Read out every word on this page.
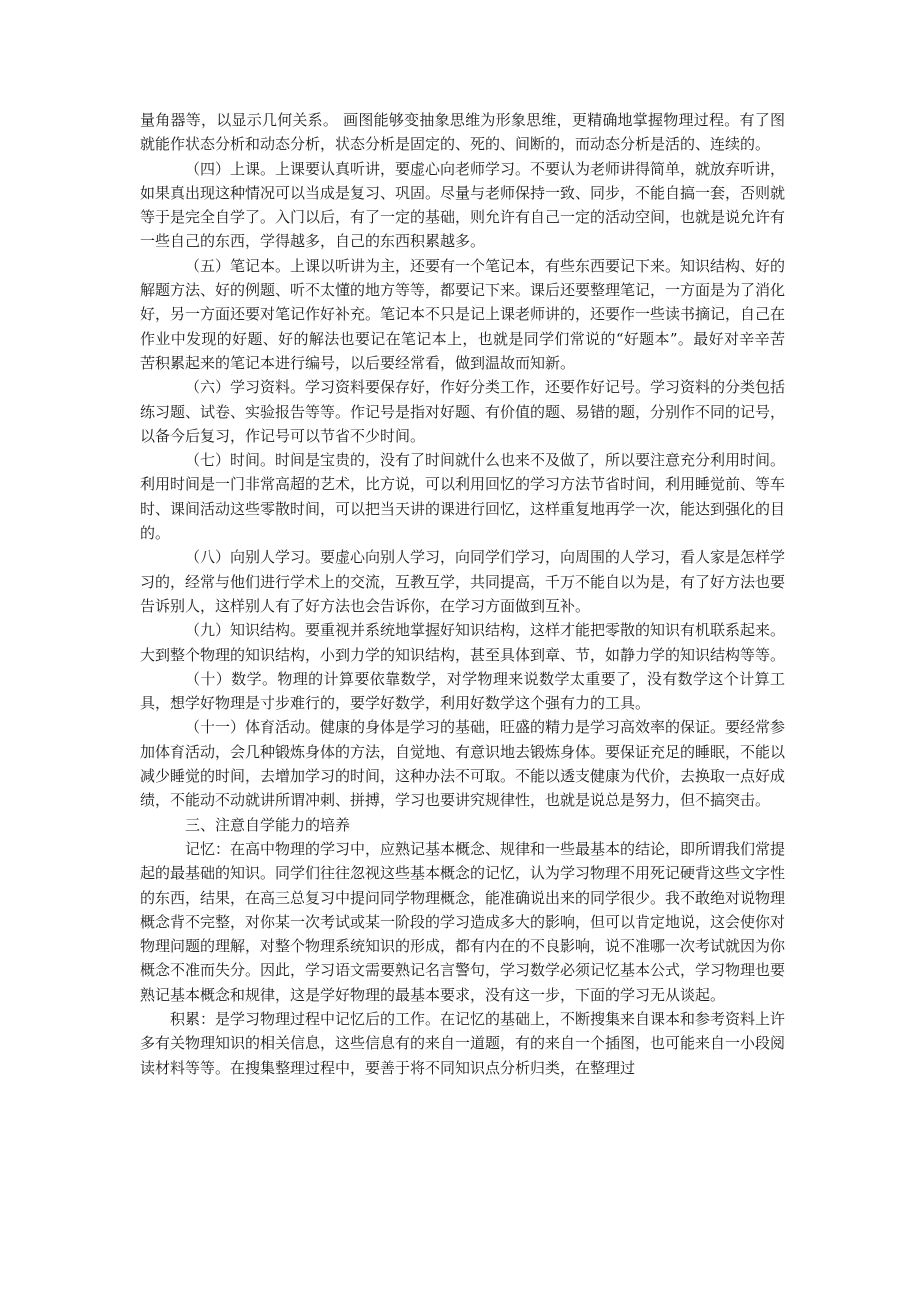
量角器等，以显示几何关系。 画图能够变抽象思维为形象思维，更精确地掌握物理过程。有了图就能作状态分析和动态分析，状态分析是固定的、死的、间断的，而动态分析是活的、连续的。

（四）上课。上课要认真听讲，要虚心向老师学习。不要认为老师讲得简单，就放弃听讲，如果真出现这种情况可以当成是复习、巩固。尽量与老师保持一致、同步，不能自搞一套，否则就等于是完全自学了。入门以后，有了一定的基础，则允许有自己一定的活动空间，也就是说允许有一些自己的东西，学得越多，自己的东西积累越多。

（五）笔记本。上课以听讲为主，还要有一个笔记本，有些东西要记下来。知识结构、好的解题方法、好的例题、听不太懂的地方等等，都要记下来。课后还要整理笔记，一方面是为了消化好，另一方面还要对笔记作好补充。笔记本不只是记上课老师讲的，还要作一些读书摘记，自己在作业中发现的好题、好的解法也要记在笔记本上，也就是同学们常说的“好题本”。最好对辛辛苦苦积累起来的笔记本进行编号，以后要经常看，做到温故而知新。

（六）学习资料。学习资料要保存好，作好分类工作，还要作好记号。学习资料的分类包括练习题、试卷、实验报告等等。作记号是指对好题、有价值的题、易错的题，分别作不同的记号，以备今后复习，作记号可以节省不少时间。

（七）时间。时间是宝贵的，没有了时间就什么也来不及做了，所以要注意充分利用时间。利用时间是一门非常高超的艺术，比方说，可以利用回忆的学习方法节省时间，利用睡觉前、等车时、课间活动这些零散时间，可以把当天讲的课进行回忆，这样重复地再学一次，能达到强化的目的。

（八）向别人学习。要虚心向别人学习，向同学们学习，向周围的人学习，看人家是怎样学习的，经常与他们进行学术上的交流，互教互学，共同提高，千万不能自以为是，有了好方法也要告诉别人，这样别人有了好方法也会告诉你，在学习方面做到互补。

（九）知识结构。要重视并系统地掌握好知识结构，这样才能把零散的知识有机联系起来。大到整个物理的知识结构，小到力学的知识结构，甚至具体到章、节，如静力学的知识结构等等。

（十）数学。物理的计算要依靠数学，对学物理来说数学太重要了，没有数学这个计算工具，想学好物理是寸步难行的，要学好数学，利用好数学这个强有力的工具。

（十一）体育活动。健康的身体是学习的基础，旺盛的精力是学习高效率的保证。要经常参加体育活动，会几种锻炼身体的方法，自觉地、有意识地去锻炼身体。要保证充足的睡眠，不能以减少睡觉的时间，去增加学习的时间，这种办法不可取。不能以透支健康为代价，去换取一点好成绩，不能动不动就讲所谓冲刺、拼搏，学习也要讲究规律性，也就是说总是努力，但不搞突击。

三、注意自学能力的培养

记忆：在高中物理的学习中，应熟记基本概念、规律和一些最基本的结论，即所谓我们常提起的最基础的知识。同学们往往忽视这些基本概念的记忆，认为学习物理不用死记硬背这些文字性的东西，结果，在高三总复习中提问同学物理概念，能准确说出来的同学很少。我不敢绝对说物理概念背不完整，对你某一次考试或某一阶段的学习造成多大的影响，但可以肯定地说，这会使你对物理问题的理解，对整个物理系统知识的形成，都有内在的不良影响，说不准哪一次考试就因为你概念不准而失分。因此，学习语文需要熟记名言警句，学习数学必须记忆基本公式，学习物理也要熟记基本概念和规律，这是学好物理的最基本要求，没有这一步，下面的学习无从谈起。

积累：是学习物理过程中记忆后的工作。在记忆的基础上，不断搜集来自课本和参考资料上许多有关物理知识的相关信息，这些信息有的来自一道题，有的来自一个插图，也可能来自一小段阅读材料等等。在搜集整理过程中，要善于将不同知识点分析归类，在整理过
